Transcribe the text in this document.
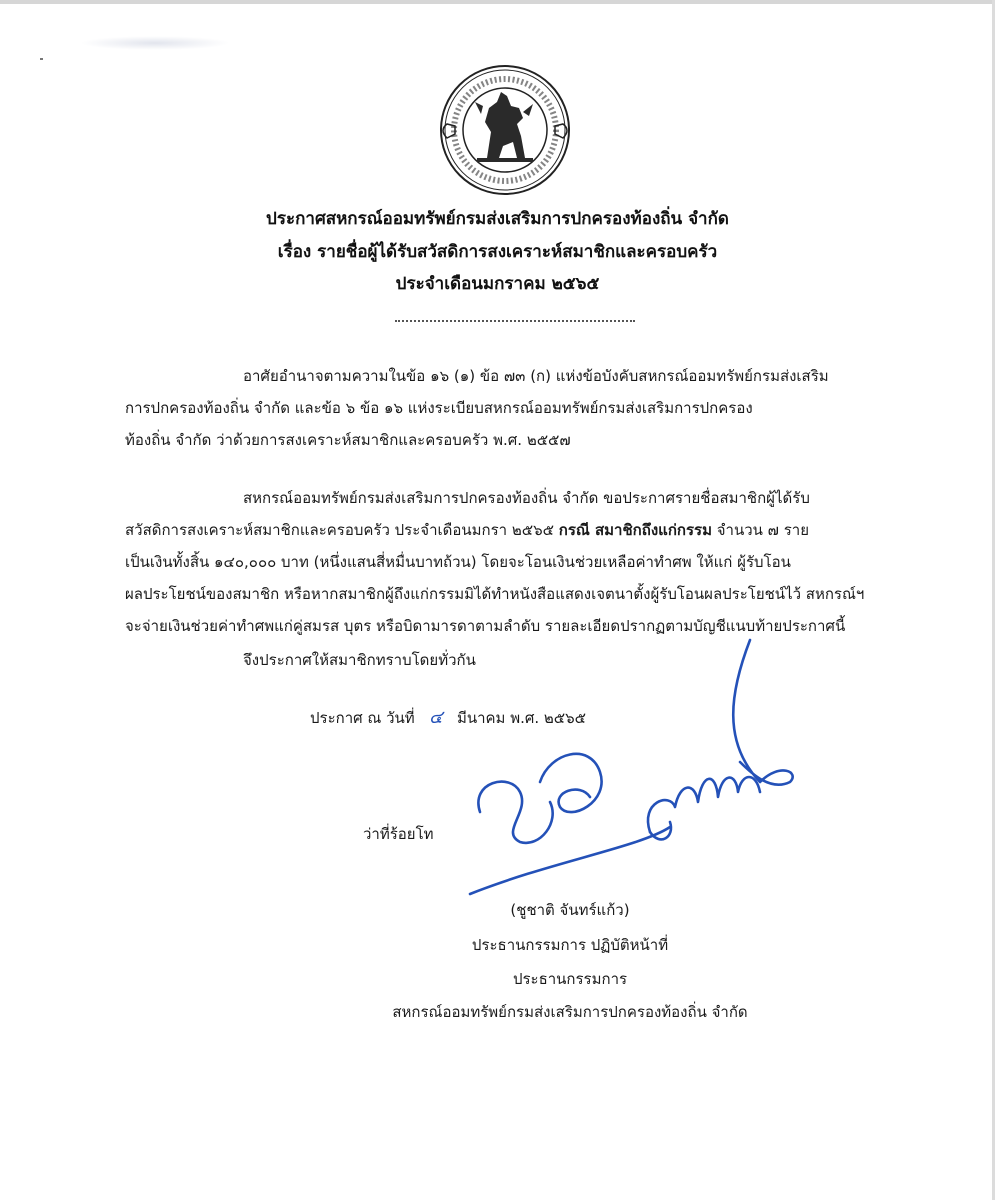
ประกาศสหกรณ์ออมทรัพย์กรมส่งเสริมการปกครองท้องถิ่น จำกัด
เรื่อง รายชื่อผู้ได้รับสวัสดิการสงเคราะห์สมาชิกและครอบครัว
ประจำเดือนมกราคม ๒๕๖๕
อาศัยอำนาจตามความในข้อ ๑๖ (๑) ข้อ ๗๓ (ก) แห่งข้อบังคับสหกรณ์ออมทรัพย์กรมส่งเสริม
การปกครองท้องถิ่น จำกัด และข้อ ๖ ข้อ ๑๖ แห่งระเบียบสหกรณ์ออมทรัพย์กรมส่งเสริมการปกครอง
ท้องถิ่น จำกัด ว่าด้วยการสงเคราะห์สมาชิกและครอบครัว พ.ศ. ๒๕๕๗
สหกรณ์ออมทรัพย์กรมส่งเสริมการปกครองท้องถิ่น จำกัด ขอประกาศรายชื่อสมาชิกผู้ได้รับ
สวัสดิการสงเคราะห์สมาชิกและครอบครัว ประจำเดือนมกรา ๒๕๖๕ กรณี สมาชิกถึงแก่กรรม จำนวน ๗ ราย
เป็นเงินทั้งสิ้น ๑๔๐,๐๐๐ บาท (หนึ่งแสนสี่หมื่นบาทถ้วน) โดยจะโอนเงินช่วยเหลือค่าทำศพ ให้แก่ ผู้รับโอน
ผลประโยชน์ของสมาชิก หรือหากสมาชิกผู้ถึงแก่กรรมมิได้ทำหนังสือแสดงเจตนาตั้งผู้รับโอนผลประโยชน์ไว้ สหกรณ์ฯ
จะจ่ายเงินช่วยค่าทำศพแก่คู่สมรส บุตร หรือบิดามารดาตามลำดับ รายละเอียดปรากฏตามบัญชีแนบท้ายประกาศนี้
จึงประกาศให้สมาชิกทราบโดยทั่วกัน
ประกาศ ณ วันที่ ๔ มีนาคม พ.ศ. ๒๕๖๕
ว่าที่ร้อยโท
(ชูชาติ จันทร์แก้ว)
ประธานกรรมการ ปฏิบัติหน้าที่
ประธานกรรมการ
สหกรณ์ออมทรัพย์กรมส่งเสริมการปกครองท้องถิ่น จำกัด
